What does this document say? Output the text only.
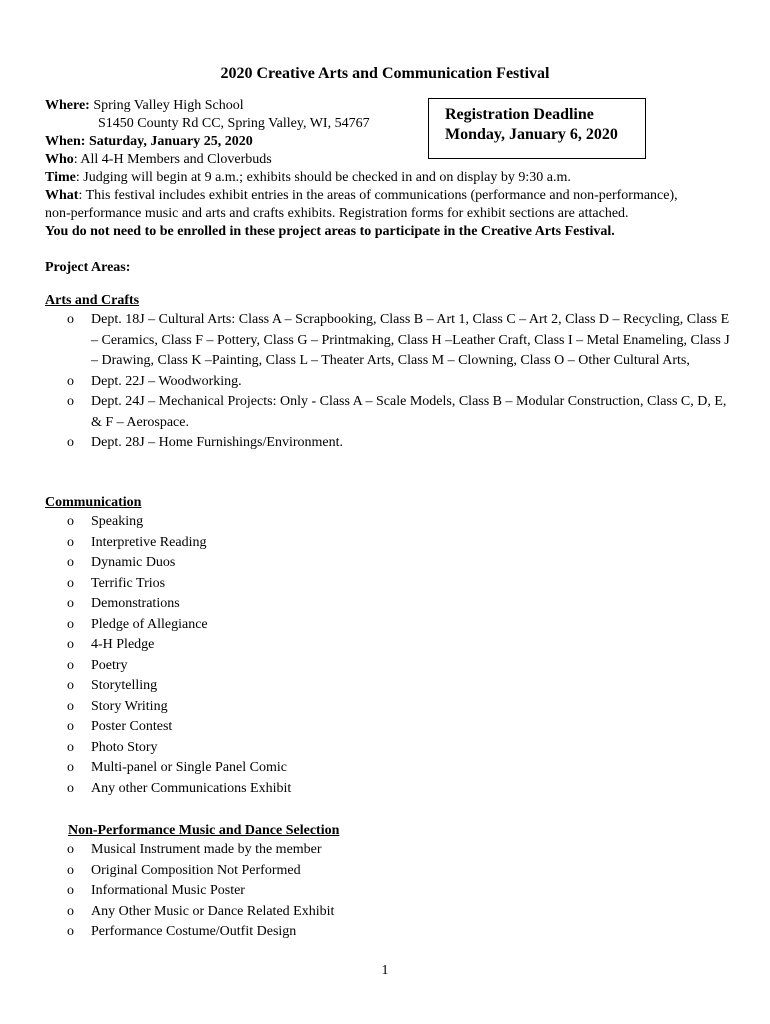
2020 Creative Arts and Communication Festival
Registration Deadline
Monday, January 6, 2020
Where: Spring Valley High School
S1450 County Rd CC, Spring Valley, WI, 54767
When: Saturday, January 25, 2020
Who: All 4-H Members and Cloverbuds
Time: Judging will begin at 9 a.m.; exhibits should be checked in and on display by 9:30 a.m.
What: This festival includes exhibit entries in the areas of communications (performance and non-performance),
non-performance music and arts and crafts exhibits. Registration forms for exhibit sections are attached.
You do not need to be enrolled in these project areas to participate in the Creative Arts Festival.
Project Areas:
Arts and Crafts
o Dept. 18J – Cultural Arts: Class A – Scrapbooking, Class B – Art 1, Class C – Art 2, Class D – Recycling, Class E – Ceramics, Class F – Pottery, Class G – Printmaking, Class H –Leather Craft, Class I – Metal Enameling, Class J – Drawing, Class K –Painting, Class L – Theater Arts, Class M – Clowning, Class O – Other Cultural Arts,
o Dept. 22J – Woodworking.
o Dept. 24J – Mechanical Projects: Only - Class A – Scale Models, Class B – Modular Construction, Class C, D, E, & F – Aerospace.
o Dept. 28J – Home Furnishings/Environment.
Communication
o Speaking
o Interpretive Reading
o Dynamic Duos
o Terrific Trios
o Demonstrations
o Pledge of Allegiance
o 4-H Pledge
o Poetry
o Storytelling
o Story Writing
o Poster Contest
o Photo Story
o Multi-panel or Single Panel Comic
o Any other Communications Exhibit
Non-Performance Music and Dance Selection
o Musical Instrument made by the member
o Original Composition Not Performed
o Informational Music Poster
o Any Other Music or Dance Related Exhibit
o Performance Costume/Outfit Design
1
